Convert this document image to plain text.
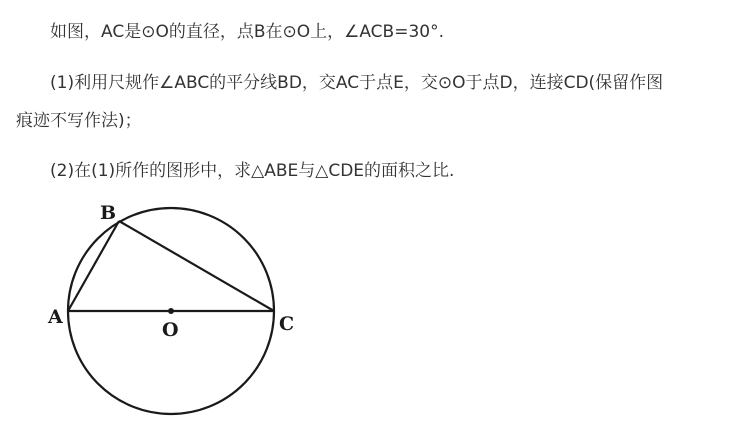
如图，AC是⊙O的直径，点B在⊙O上，∠ACB=30°.
(1)利用尺规作∠ABC的平分线BD，交AC于点E，交⊙O于点D，连接CD(保留作图
痕迹不写作法)；
(2)在(1)所作的图形中，求△ABE与△CDE的面积之比.
B
A
O	C
